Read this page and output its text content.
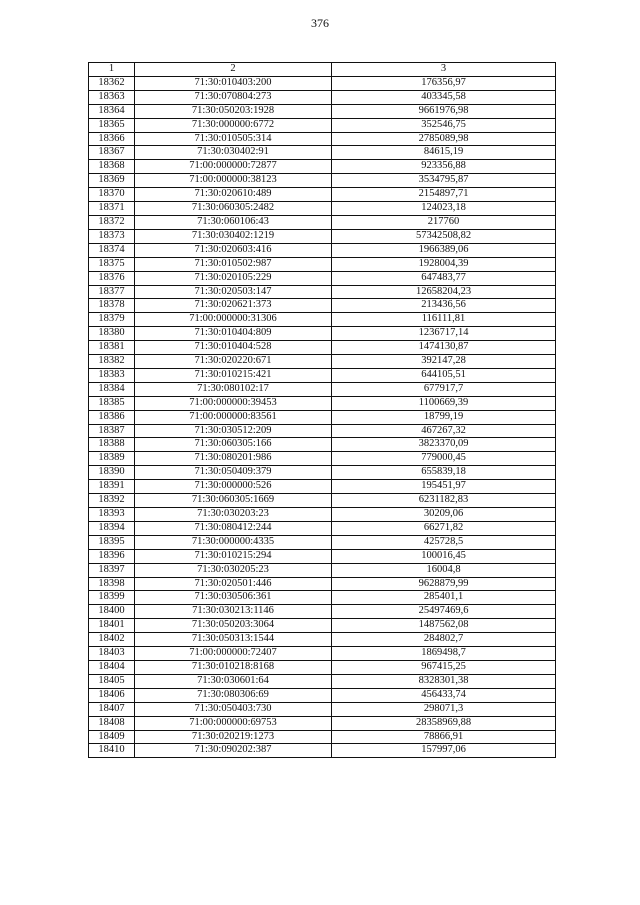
376
1	2	3
18362	71:30:010403:200	176356,97
18363	71:30:070804:273	403345,58
18364	71:30:050203:1928	9661976,98
18365	71:30:000000:6772	352546,75
18366	71:30:010505:314	2785089,98
18367	71:30:030402:91	84615,19
18368	71:00:000000:72877	923356,88
18369	71:00:000000:38123	3534795,87
18370	71:30:020610:489	2154897,71
18371	71:30:060305:2482	124023,18
18372	71:30:060106:43	217760
18373	71:30:030402:1219	57342508,82
18374	71:30:020603:416	1966389,06
18375	71:30:010502:987	1928004,39
18376	71:30:020105:229	647483,77
18377	71:30:020503:147	12658204,23
18378	71:30:020621:373	213436,56
18379	71:00:000000:31306	116111,81
18380	71:30:010404:809	1236717,14
18381	71:30:010404:528	1474130,87
18382	71:30:020220:671	392147,28
18383	71:30:010215:421	644105,51
18384	71:30:080102:17	677917,7
18385	71:00:000000:39453	1100669,39
18386	71:00:000000:83561	18799,19
18387	71:30:030512:209	467267,32
18388	71:30:060305:166	3823370,09
18389	71:30:080201:986	779000,45
18390	71:30:050409:379	655839,18
18391	71:30:000000:526	195451,97
18392	71:30:060305:1669	6231182,83
18393	71:30:030203:23	30209,06
18394	71:30:080412:244	66271,82
18395	71:30:000000:4335	425728,5
18396	71:30:010215:294	100016,45
18397	71:30:030205:23	16004,8
18398	71:30:020501:446	9628879,99
18399	71:30:030506:361	285401,1
18400	71:30:030213:1146	25497469,6
18401	71:30:050203:3064	1487562,08
18402	71:30:050313:1544	284802,7
18403	71:00:000000:72407	1869498,7
18404	71:30:010218:8168	967415,25
18405	71:30:030601:64	8328301,38
18406	71:30:080306:69	456433,74
18407	71:30:050403:730	298071,3
18408	71:00:000000:69753	28358969,88
18409	71:30:020219:1273	78866,91
18410	71:30:090202:387	157997,06
